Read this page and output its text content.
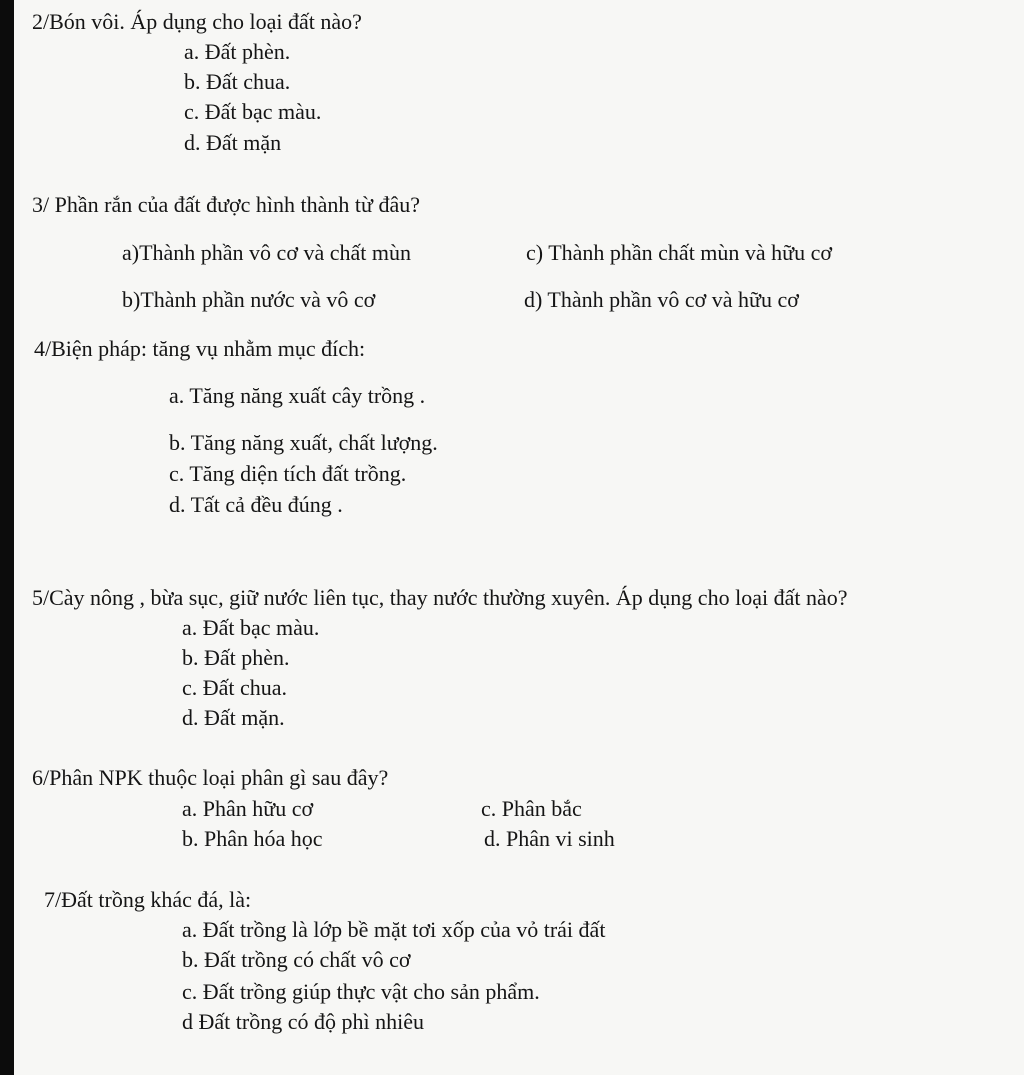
2/Bón vôi. Áp dụng cho loại đất nào?
a. Đất phèn.
b. Đất chua.
c. Đất bạc màu.
d. Đất mặn
3/ Phần rắn của đất được hình thành từ đâu?
a)Thành phần vô cơ và chất mùn	c) Thành phần chất mùn và hữu cơ
b)Thành phần nước và vô cơ	d) Thành phần vô cơ và hữu cơ
4/Biện pháp: tăng vụ nhằm mục đích:
a. Tăng năng xuất cây trồng .
b. Tăng năng xuất, chất lượng.
c. Tăng diện tích đất trồng.
d. Tất cả đều đúng .
5/Cày nông , bừa sục, giữ nước liên tục, thay nước thường xuyên. Áp dụng cho loại đất nào?
a. Đất bạc màu.
b. Đất phèn.
c. Đất chua.
d. Đất mặn.
6/Phân NPK thuộc loại phân gì sau đây?
a. Phân hữu cơ	c. Phân bắc
b. Phân hóa học	d. Phân vi sinh
7/Đất trồng khác đá, là:
a. Đất trồng là lớp bề mặt tơi xốp của vỏ trái đất
b. Đất trồng có chất vô cơ
c. Đất trồng giúp thực vật cho sản phẩm.
d Đất trồng có độ phì nhiêu
